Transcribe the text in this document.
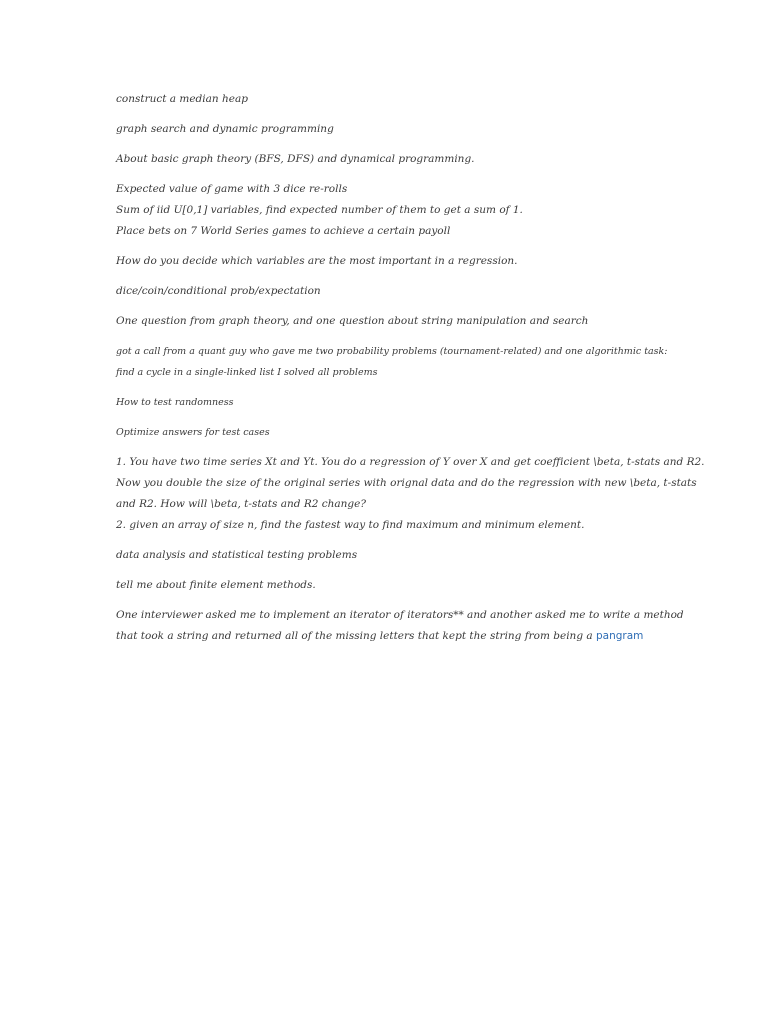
construct a median heap

graph search and dynamic programming

About basic graph theory (BFS, DFS) and dynamical programming.

Expected value of game with 3 dice re-rolls
Sum of iid U[0,1] variables, find expected number of them to get a sum of 1.
Place bets on 7 World Series games to achieve a certain payoll

How do you decide which variables are the most important in a regression.

dice/coin/conditional prob/expectation

One question from graph theory, and one question about string manipulation and search

got a call from a quant guy who gave me two probability problems (tournament-related) and one algorithmic task:
find a cycle in a single-linked list I solved all problems

How to test randomness

Optimize answers for test cases

1. You have two time series Xt and Yt. You do a regression of Y over X and get coefficient \beta, t-stats and R2.
Now you double the size of the original series with orignal data and do the regression with new \beta, t-stats
and R2. How will \beta, t-stats and R2 change?
2. given an array of size n, find the fastest way to find maximum and minimum element.

data analysis and statistical testing problems

tell me about finite element methods.

One interviewer asked me to implement an iterator of iterators** and another asked me to write a method
that took a string and returned all of the missing letters that kept the string from being a pangram
